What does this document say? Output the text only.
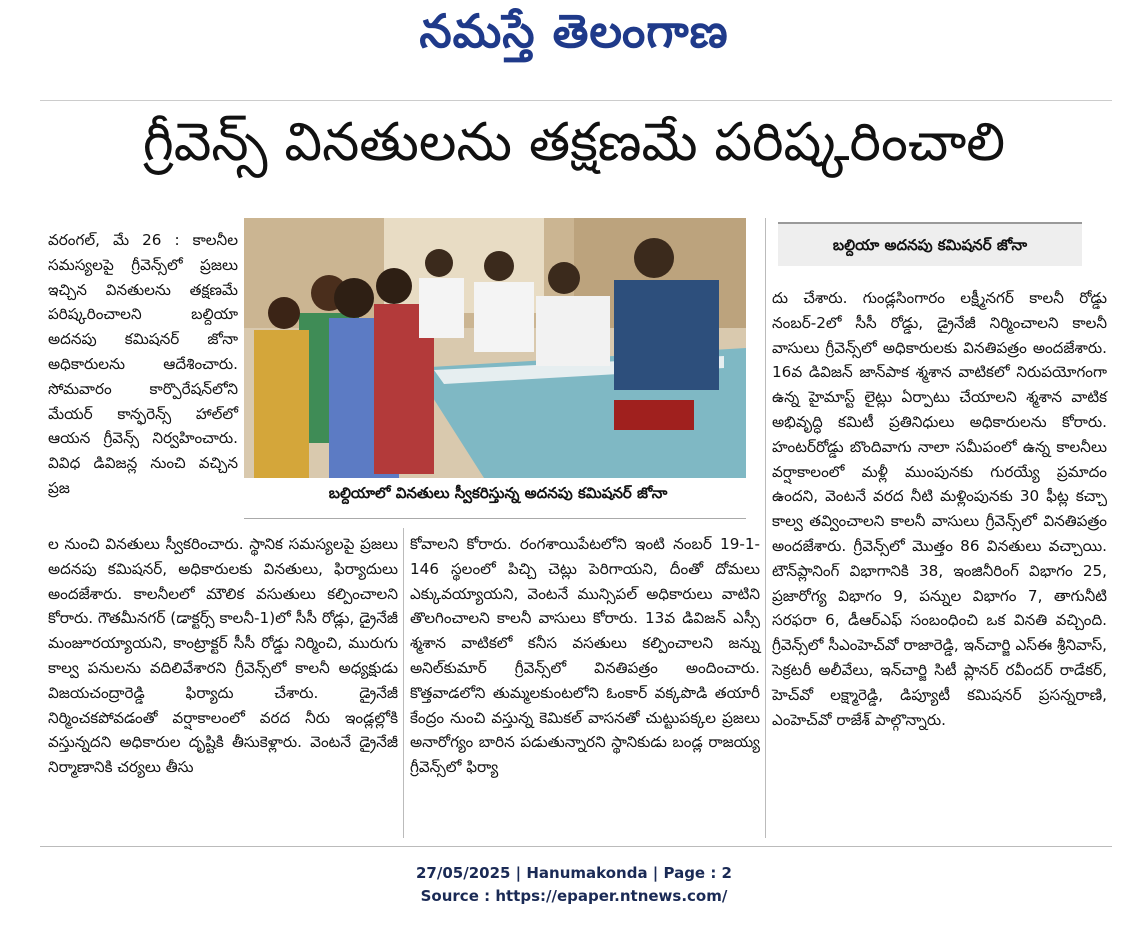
నమస్తే తెలంగాణ
గ్రీవెన్స్ వినతులను తక్షణమే పరిష్కరించాలి

వరంగల్, మే 26 : కాలనీల సమస్యలపై గ్రీవెన్స్‌లో ప్రజలు ఇచ్చిన వినతులను తక్షణమే పరిష్కరించాలని బల్దియా అదనపు కమిషనర్ జోనా అధికారులను ఆదేశించారు. సోమవారం కార్పొరేషన్‌లోని మేయర్ కాన్ఫరెన్స్ హాల్‌లో ఆయన గ్రీవెన్స్ నిర్వహించారు. వివిధ డివిజన్ల నుంచి వచ్చిన ప్రజ	బల్దియాలో వినతులు స్వీకరిస్తున్న అదనపు కమిషనర్ జోనా
బల్దియా అదనపు కమిషనర్ జోనా

ల నుంచి వినతులు స్వీకరించారు. స్థానిక సమస్యలపై ప్రజలు అదనపు కమిషనర్, అధికారులకు వినతులు, ఫిర్యాదులు అందజేశారు. కాలనీలలో మౌలిక వసుతులు కల్పించాలని కోరారు. గౌతమీనగర్ (డాక్టర్స్ కాలనీ-1)లో సీసీ రోడ్లు, డ్రైనేజీ మంజూరయ్యాయని, కాంట్రాక్టర్ సీసీ రోడ్డు నిర్మించి, మురుగు కాల్వ పనులను వదిలివేశారని గ్రీవెన్స్‌లో కాలనీ అధ్యక్షుడు విజయచంద్రారెడ్డి ఫిర్యాదు చేశారు. డ్రైనేజీ నిర్మించకపోవడంతో వర్షాకాలంలో వరద నీరు ఇండ్లల్లోకి వస్తున్నదని అధికారుల దృష్టికి తీసుకెళ్లారు. వెంటనే డ్రైనేజీ నిర్మాణానికి చర్యలు తీసు

కోవాలని కోరారు. రంగశాయిపేటలోని ఇంటి నంబర్ 19-1-146 స్థలంలో పిచ్చి చెట్లు పెరిగాయని, దీంతో దోమలు ఎక్కువయ్యాయని, వెంటనే మున్సిపల్ అధికారులు వాటిని తొలగించాలని కాలనీ వాసులు కోరారు. 13వ డివిజన్ ఎస్సీ శ్మశాన వాటికలో కనీస వసతులు కల్పించాలని జన్ను అనిల్‌కుమార్ గ్రీవెన్స్‌లో వినతిపత్రం అందించారు. కొత్తవాడలోని తుమ్మలకుంటలోని ఓంకార్ వక్కపొడి తయారీ కేంద్రం నుంచి వస్తున్న కెమికల్ వాసనతో చుట్టుపక్కల ప్రజలు అనారోగ్యం బారిన పడుతున్నారని స్థానికుడు బండ్ల రాజయ్య గ్రీవెన్స్‌లో ఫిర్యా

దు చేశారు. గుండ్లసింగారం లక్ష్మీనగర్ కాలనీ రోడ్డు నంబర్-2లో సీసీ రోడ్డు, డ్రైనేజీ నిర్మించాలని కాలనీ వాసులు గ్రీవెన్స్‌లో అధికారులకు వినతిపత్రం అందజేశారు. 16వ డివిజన్ జాన్‌పాక శ్మశాన వాటికలో నిరుపయోగంగా ఉన్న హైమాస్ట్ లైట్లు ఏర్పాటు చేయాలని శ్మశాన వాటిక అభివృద్ధి కమిటీ ప్రతినిధులు అధికారులను కోరారు. హంటర్‌రోడ్డు బొందివాగు నాలా సమీపంలో ఉన్న కాలనీలు వర్షాకాలంలో మళ్లీ ముంపునకు గురయ్యే ప్రమాదం ఉందని, వెంటనే వరద నీటి మళ్లింపునకు 30 ఫీట్ల కచ్చా కాల్వ తవ్వించాలని కాలనీ వాసులు గ్రీవెన్స్‌లో వినతిపత్రం అందజేశారు. గ్రీవెన్స్‌లో మొత్తం 86 వినతులు వచ్చాయి. టౌన్‌ప్లానింగ్ విభాగానికి 38, ఇంజినీరింగ్ విభాగం 25, ప్రజారోగ్య విభాగం 9, పన్నుల విభాగం 7, తాగునీటి సరఫరా 6, డీఆర్‌ఎఫ్ సంబంధించి ఒక వినతి వచ్చింది. గ్రీవెన్స్‌లో సీఎంహెచ్‌వో రాజారెడ్డి, ఇన్‌చార్జి ఎస్ఈ శ్రీనివాస్, సెక్రటరీ అలీవేలు, ఇన్‌చార్జి సిటీ ప్లానర్ రవీందర్ రాడేకర్, హెచ్‌వో లక్ష్మారెడ్డి, డిప్యూటీ కమిషనర్ ప్రసన్నరాణి, ఎంహెచ్‌వో రాజేశ్ పాల్గొన్నారు.

27/05/2025 | Hanumakonda | Page : 2
Source : https://epaper.ntnews.com/
